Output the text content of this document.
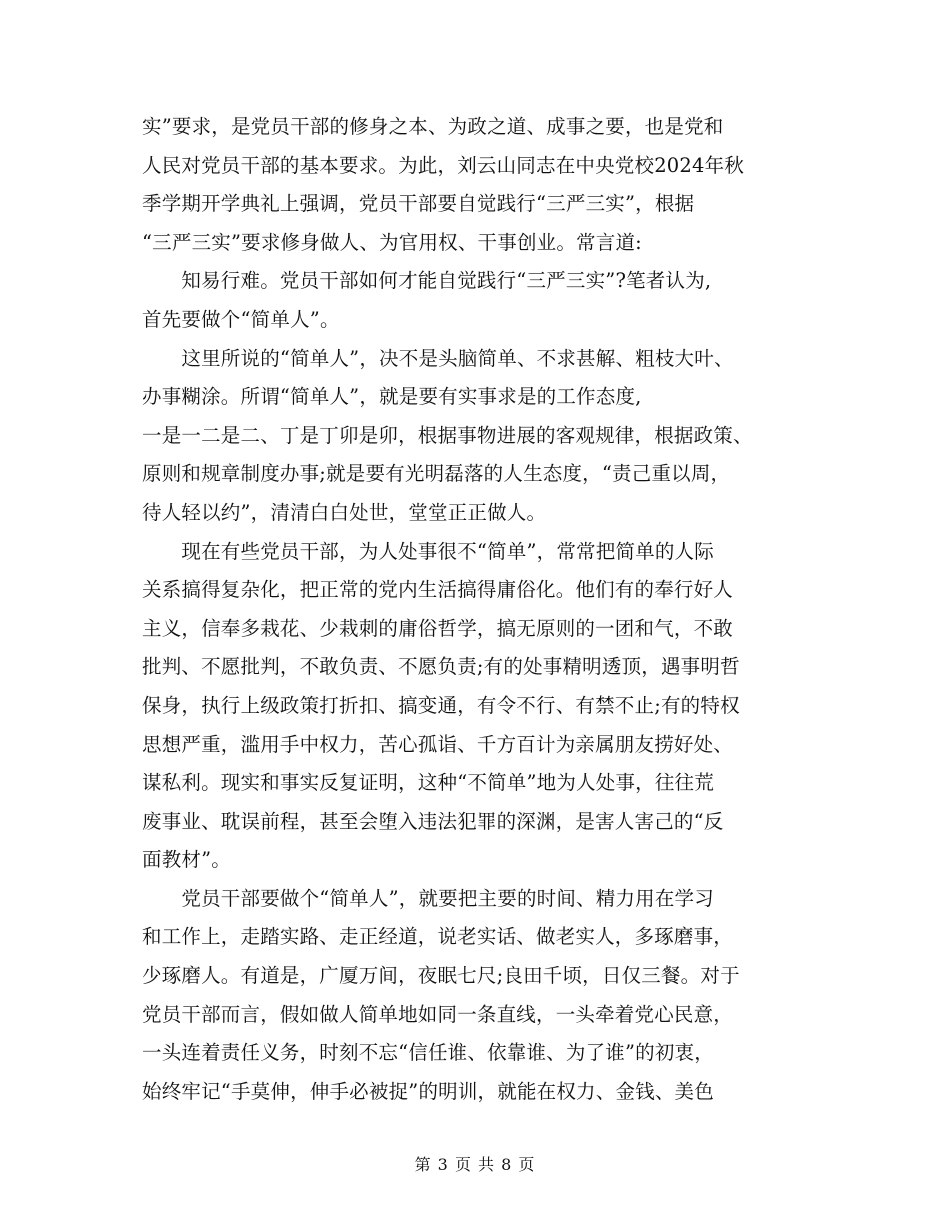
实”要求，是党员干部的修身之本、为政之道、成事之要，也是党和
人民对党员干部的基本要求。为此，刘云山同志在中央党校2024年秋
季学期开学典礼上强调，党员干部要自觉践行“三严三实”，根据
“三严三实”要求修身做人、为官用权、干事创业。常言道:
　　知易行难。党员干部如何才能自觉践行“三严三实”?笔者认为,
首先要做个“简单人”。
　　这里所说的“简单人”，决不是头脑简单、不求甚解、粗枝大叶、
办事糊涂。所谓“简单人”，就是要有实事求是的工作态度,
一是一二是二、丁是丁卯是卯，根据事物进展的客观规律，根据政策、
原则和规章制度办事;就是要有光明磊落的人生态度，“责己重以周，
待人轻以约”，清清白白处世，堂堂正正做人。
　　现在有些党员干部，为人处事很不“简单”，常常把简单的人际
关系搞得复杂化，把正常的党内生活搞得庸俗化。他们有的奉行好人
主义，信奉多栽花、少栽刺的庸俗哲学，搞无原则的一团和气，不敢
批判、不愿批判，不敢负责、不愿负责;有的处事精明透顶，遇事明哲
保身，执行上级政策打折扣、搞变通，有令不行、有禁不止;有的特权
思想严重，滥用手中权力，苦心孤诣、千方百计为亲属朋友捞好处、
谋私利。现实和事实反复证明，这种“不简单”地为人处事，往往荒
废事业、耽误前程，甚至会堕入违法犯罪的深渊，是害人害己的“反
面教材”。
　　党员干部要做个“简单人”，就要把主要的时间、精力用在学习
和工作上，走踏实路、走正经道，说老实话、做老实人，多琢磨事，
少琢磨人。有道是，广厦万间，夜眠七尺;良田千顷，日仅三餐。对于
党员干部而言，假如做人简单地如同一条直线，一头牵着党心民意，
一头连着责任义务，时刻不忘“信任谁、依靠谁、为了谁”的初衷，
始终牢记“手莫伸，伸手必被捉”的明训，就能在权力、金钱、美色
第 3 页 共 8 页
